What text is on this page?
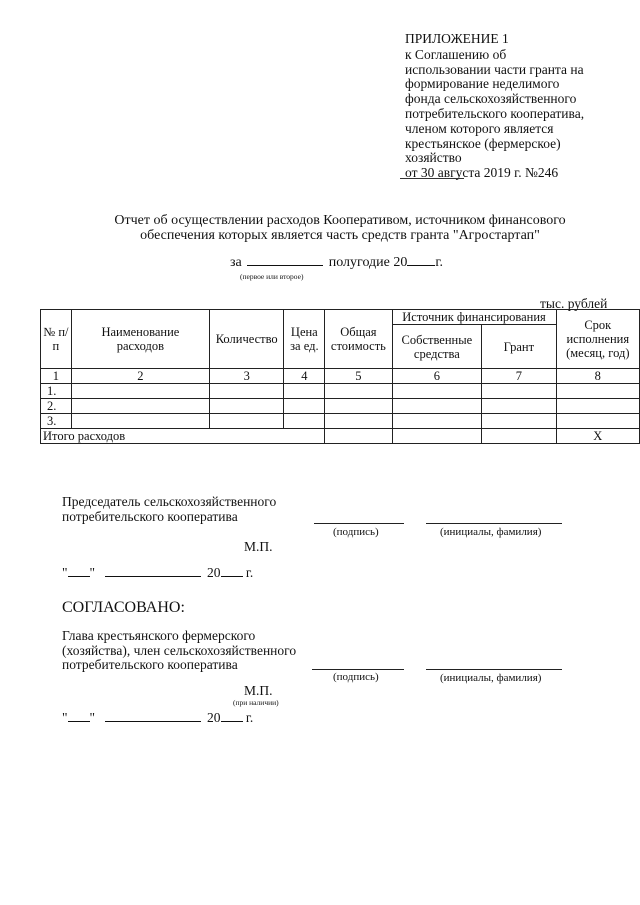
ПРИЛОЖЕНИЕ 1
к Соглашению об
использовании части гранта на
формирование неделимого
фонда сельскохозяйственного
потребительского кооператива,
членом которого является
крестьянское (фермерское)
хозяйство
от 30 августа 2019 г. №246
Отчет об осуществлении расходов Кооперативом, источником финансового
обеспечения которых является часть средств гранта "Агростартап"
за	полугодие 20 г.
(первое или второе)
тыс. рублей
№ п/п	Наименование расходов	Количество	Цена за ед.	Общая стоимость	Источник финансирования		Срок исполнения (месяц, год)
					Собственные средства	Грант	
1	2	3	4	5	6	7	8
1.							
2.							
3.							
Итого расходов							Х
Председатель сельскохозяйственного
потребительского кооператива
(подпись)	(инициалы, фамилия)
М.П.
" "	20 г.
СОГЛАСОВАНО:
Глава крестьянского фермерского
(хозяйства), член сельскохозяйственного
потребительского кооператива
(подпись)	(инициалы, фамилия)
М.П.
(при наличии)
" "	20 г.
